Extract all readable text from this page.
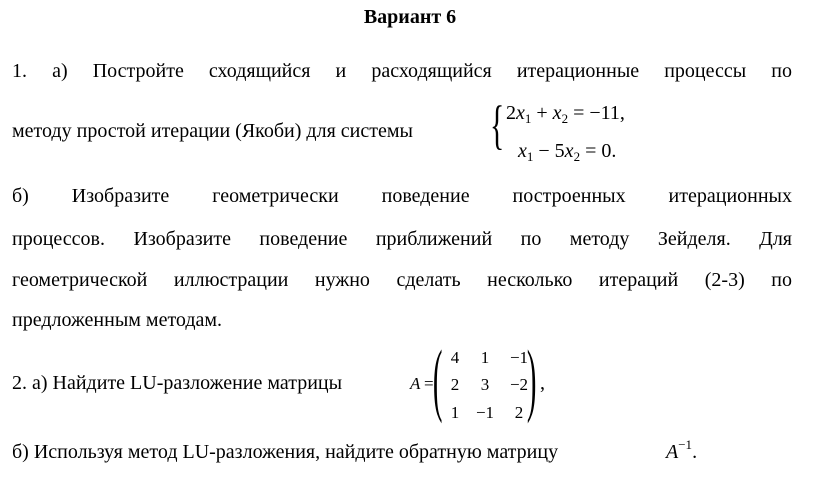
Вариант 6
1. а) Постройте сходящийся и расходящийся итерационные процессы по
методу простой итерации (Якоби) для системы { $2x_1 + x_2 = -11$,
$x_1 - 5x_2 = 0$.
б) Изобразите геометрически поведение построенных итерационных
процессов. Изобразите поведение приближений по методу Зейделя. Для
геометрической иллюстрации нужно сделать несколько итераций (2-3) по
предложенным методам.
2. а) Найдите LU-разложение матрицы	A = ( 4	1	−1
2	3	−2
1 −1	2 ) ,
б) Используя метод LU-разложения, найдите обратную матрицу	$A^{-1}$.
